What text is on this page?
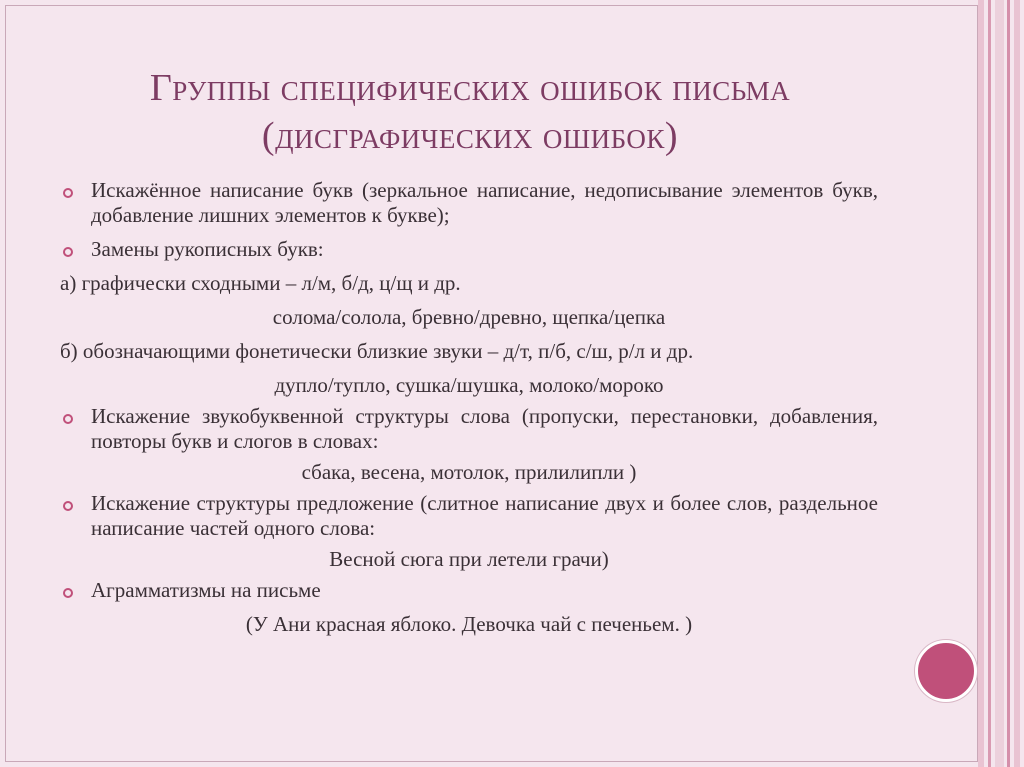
Группы специфических ошибок письма
(дисграфических ошибок)
Искажённое написание букв (зеркальное написание, недописывание элементов букв, добавление лишних элементов к букве);
Замены рукописных букв:
а) графически сходными – л/м, б/д, ц/щ и др.
солома/солола, бревно/древно, щепка/цепка
б) обозначающими фонетически близкие звуки – д/т, п/б, с/ш, р/л и др.
дупло/тупло, сушка/шушка, молоко/мороко
Искажение звукобуквенной структуры слова (пропуски, перестановки, добавления, повторы букв и слогов в словах:
сбака, весена, мотолок, прилилипли )
Искажение структуры предложение (слитное написание двух и более слов, раздельное написание частей одного слова:
Весной сюга при летели грачи)
Аграмматизмы на письме
(У Ани красная яблоко. Девочка чай с печеньем. )
